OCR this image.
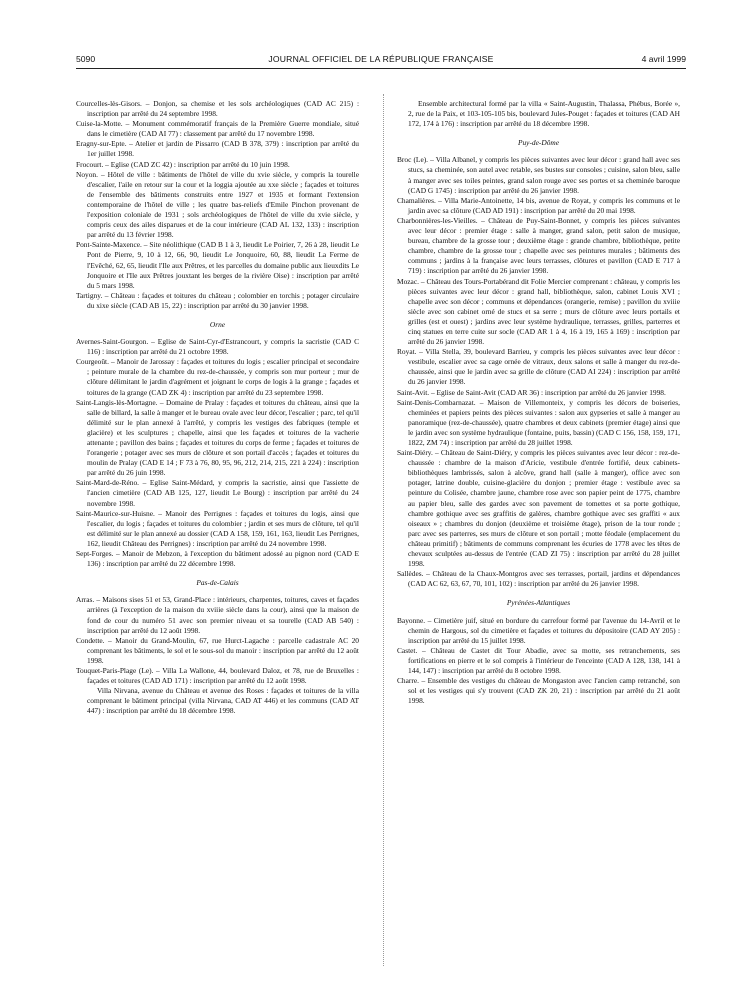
5090	JOURNAL OFFICIEL DE LA RÉPUBLIQUE FRANÇAISE	4 avril 1999

Courcelles-lès-Gisors. – Donjon, sa chemise et les sols archéologiques (CAD AC 215) : inscription par arrêté du 24 septembre 1998.

Cuise-la-Motte. – Monument commémoratif français de la Première Guerre mondiale, situé dans le cimetière (CAD AI 77) : classement par arrêté du 17 novembre 1998.

Eragny-sur-Epte. – Atelier et jardin de Pissarro (CAD B 378, 379) : inscription par arrêté du 1er juillet 1998.

Frocourt. – Eglise (CAD ZC 42) : inscription par arrêté du 10 juin 1998.

Noyon. – Hôtel de ville : bâtiments de l'hôtel de ville du xvie siècle, y compris la tourelle d'escalier, l'aile en retour sur la cour et la loggia ajoutée au xxe siècle ; façades et toitures de l'ensemble des bâtiments construits entre 1927 et 1935 et formant l'extension contemporaine de l'hôtel de ville ; les quatre bas-reliefs d'Emile Pinchon provenant de l'exposition coloniale de 1931 ; sols archéologiques de l'hôtel de ville du xvie siècle, y compris ceux des ailes disparues et de la cour intérieure (CAD AL 132, 133) : inscription par arrêté du 13 février 1998.

Pont-Sainte-Maxence. – Site néolithique (CAD B 1 à 3, lieudit Le Poirier, 7, 26 à 28, lieudit Le Pont de Pierre, 9, 10 à 12, 66, 90, lieudit Le Jonquoire, 60, 88, lieudit La Ferme de l'Evêché, 62, 65, lieudit l'Ile aux Prêtres, et les parcelles du domaine public aux lieuxdits Le Jonquoire et l'Ile aux Prêtres jouxtant les berges de la rivière Oise) : inscription par arrêté du 5 mars 1998.

Tartigny. – Château : façades et toitures du château ; colombier en torchis ; potager circulaire du xixe siècle (CAD AB 15, 22) : inscription par arrêté du 30 janvier 1998.

Orne

Avernes-Saint-Gourgon. – Eglise de Saint-Cyr-d'Estrancourt, y compris la sacristie (CAD C 116) : inscription par arrêté du 21 octobre 1998.

Courgeoût. – Manoir de Jarossay : façades et toitures du logis ; escalier principal et secondaire ; peinture murale de la chambre du rez-de-chaussée, y compris son mur porteur ; mur de clôture délimitant le jardin d'agrément et joignant le corps de logis à la grange ; façades et toitures de la grange (CAD ZK 4) : inscription par arrêté du 23 septembre 1998.

Saint-Langis-lès-Mortagne. – Domaine de Pralay : façades et toitures du château, ainsi que la salle de billard, la salle à manger et le bureau ovale avec leur décor, l'escalier ; parc, tel qu'il délimité sur le plan annexé à l'arrêté, y compris les vestiges des fabriques (temple et glacière) et les sculptures ; chapelle, ainsi que les façades et toitures de la vacherie attenante ; pavillon des bains ; façades et toitures du corps de ferme ; façades et toitures de l'orangerie ; potager avec ses murs de clôture et son portail d'accès ; façades et toitures du moulin de Pralay (CAD E 14 ; F 73 à 76, 80, 95, 96, 212, 214, 215, 221 à 224) : inscription par arrêté du 26 juin 1998.

Saint-Mard-de-Réno. – Eglise Saint-Médard, y compris la sacristie, ainsi que l'assiette de l'ancien cimetière (CAD AB 125, 127, lieudit Le Bourg) : inscription par arrêté du 24 novembre 1998.

Saint-Maurice-sur-Huisne. – Manoir des Perrignes : façades et toitures du logis, ainsi que l'escalier, du logis ; façades et toitures du colombier ; jardin et ses murs de clôture, tel qu'il est délimité sur le plan annexé au dossier (CAD A 158, 159, 161, 163, lieudit Les Perrignes, 162, lieudit Château des Perrignes) : inscription par arrêté du 24 novembre 1998.

Sept-Forges. – Manoir de Mebzon, à l'exception du bâtiment adossé au pignon nord (CAD E 136) : inscription par arrêté du 22 décembre 1998.

Pas-de-Calais

Arras. – Maisons sises 51 et 53, Grand-Place : intérieurs, charpentes, toitures, caves et façades arrières (à l'exception de la maison du xviiie siècle dans la cour), ainsi que la maison de fond de cour du numéro 51 avec son premier niveau et sa tourelle (CAD AB 540) : inscription par arrêté du 12 août 1998.

Condette. – Manoir du Grand-Moulin, 67, rue Hurct-Lagache : parcelle cadastrale AC 20 comprenant les bâtiments, le sol et le sous-sol du manoir : inscription par arrêté du 12 août 1998.

Touquet-Paris-Plage (Le). – Villa La Wallone, 44, boulevard Daloz, et 78, rue de Bruxelles : façades et toitures (CAD AD 171) : inscription par arrêté du 12 août 1998.

Villa Nirvana, avenue du Château et avenue des Roses : façades et toitures de la villa comprenant le bâtiment principal (villa Nirvana, CAD AT 446) et les communs (CAD AT 447) : inscription par arrêté du 18 décembre 1998.

Ensemble architectural formé par la villa « Saint-Augustin, Thalassa, Phébus, Borée », 2, rue de la Paix, et 103-105-105 bis, boulevard Jules-Pouget : façades et toitures (CAD AH 172, 174 à 176) : inscription par arrêté du 18 décembre 1998.

Puy-de-Dôme

Broc (Le). – Villa Albanel, y compris les pièces suivantes avec leur décor : grand hall avec ses stucs, sa cheminée, son autel avec retable, ses bustes sur consoles ; cuisine, salon bleu, salle à manger avec ses toiles peintes, grand salon rouge avec ses portes et sa cheminée baroque (CAD G 1745) : inscription par arrêté du 26 janvier 1998.

Chamalières. – Villa Marie-Antoinette, 14 bis, avenue de Royat, y compris les communs et le jardin avec sa clôture (CAD AD 191) : inscription par arrêté du 20 mai 1998.

Charbonnières-les-Vieilles. – Château de Puy-Saint-Bonnet, y compris les pièces suivantes avec leur décor : premier étage : salle à manger, grand salon, petit salon de musique, bureau, chambre de la grosse tour ; deuxième étage : grande chambre, bibliothèque, petite chambre, chambre de la grosse tour ; chapelle avec ses peintures murales ; bâtiments des communs ; jardins à la française avec leurs terrasses, clôtures et pavillon (CAD E 717 à 719) : inscription par arrêté du 26 janvier 1998.

Mozac. – Château des Tours-Portabérand dit Folie Mercier comprenant : château, y compris les pièces suivantes avec leur décor : grand hall, bibliothèque, salon, cabinet Louis XVI ; chapelle avec son décor ; communs et dépendances (orangerie, remise) ; pavillon du xviiie siècle avec son cabinet orné de stucs et sa serre ; murs de clôture avec leurs portails et grilles (est et ouest) ; jardins avec leur système hydraulique, terrasses, grilles, parterres et cinq statues en terre cuite sur socle (CAD AR 1 à 4, 16 à 19, 165 à 169) : inscription par arrêté du 26 janvier 1998.

Royat. – Villa Stella, 39, boulevard Barrieu, y compris les pièces suivantes avec leur décor : vestibule, escalier avec sa cage ornée de vitraux, deux salons et salle à manger du rez-de-chaussée, ainsi que le jardin avec sa grille de clôture (CAD AI 224) : inscription par arrêté du 26 janvier 1998.

Saint-Avit. – Eglise de Saint-Avit (CAD AR 36) : inscription par arrêté du 26 janvier 1998.

Saint-Denis-Combarnazat. – Maison de Villemonteix, y compris les décors de boiseries, cheminées et papiers peints des pièces suivantes : salon aux gypseries et salle à manger au panoramique (rez-de-chaussée), quatre chambres et deux cabinets (premier étage) ainsi que le jardin avec son système hydraulique (fontaine, puits, bassin) (CAD C 156, 158, 159, 171, 1822, ZM 74) : inscription par arrêté du 28 juillet 1998.

Saint-Diéry. – Château de Saint-Diéry, y compris les pièces suivantes avec leur décor : rez-de-chaussée : chambre de la maison d'Aricie, vestibule d'entrée fortifié, deux cabinets-bibliothèques lambrissés, salon à alcôve, grand hall (salle à manger), office avec son potager, latrine double, cuisine-glacière du donjon ; premier étage : vestibule avec sa peinture du Colisée, chambre jaune, chambre rose avec son papier peint de 1775, chambre au papier bleu, salle des gardes avec son pavement de tomettes et sa porte gothique, chambre gothique avec ses graffitis de galères, chambre gothique avec ses graffiti « aux oiseaux » ; chambres du donjon (deuxième et troisième étage), prison de la tour ronde ; parc avec ses parterres, ses murs de clôture et son portail ; motte féodale (emplacement du château primitif) ; bâtiments de communs comprenant les écuries de 1778 avec les têtes de chevaux sculptées au-dessus de l'entrée (CAD ZI 75) : inscription par arrêté du 28 juillet 1998.

Sallèdes. – Château de la Chaux-Montgros avec ses terrasses, portail, jardins et dépendances (CAD AC 62, 63, 67, 70, 101, 102) : inscription par arrêté du 26 janvier 1998.

Pyrénées-Atlantiques

Bayonne. – Cimetière juif, situé en bordure du carrefour formé par l'avenue du 14-Avril et le chemin de Hargous, sol du cimetière et façades et toitures du dépositoire (CAD AY 205) : inscription par arrêté du 15 juillet 1998.

Castet. – Château de Castet dit Tour Abadie, avec sa motte, ses retranchements, ses fortifications en pierre et le sol compris à l'intérieur de l'enceinte (CAD A 128, 138, 141 à 144, 147) : inscription par arrêté du 8 octobre 1998.

Charre. – Ensemble des vestiges du château de Mongaston avec l'ancien camp retranché, son sol et les vestiges qui s'y trouvent (CAD ZK 20, 21) : inscription par arrêté du 21 août 1998.
